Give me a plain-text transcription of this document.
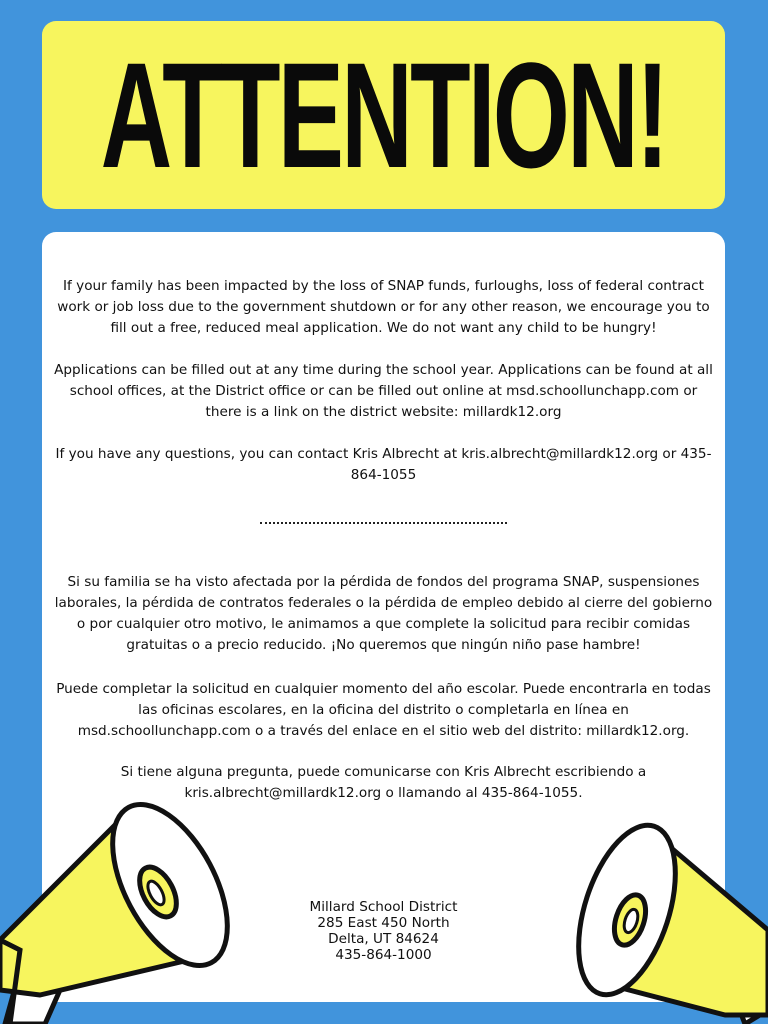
ATTENTION!

If your family has been impacted by the loss of SNAP funds, furloughs, loss of federal contract work or job loss due to the government shutdown or for any other reason, we encourage you to fill out a free, reduced meal application. We do not want any child to be hungry!

Applications can be filled out at any time during the school year. Applications can be found at all school offices, at the District office or can be filled out online at msd.schoollunchapp.com or there is a link on the district website: millardk12.org

If you have any questions, you can contact Kris Albrecht at kris.albrecht@millardk12.org or 435-864-1055

Si su familia se ha visto afectada por la pérdida de fondos del programa SNAP, suspensiones laborales, la pérdida de contratos federales o la pérdida de empleo debido al cierre del gobierno o por cualquier otro motivo, le animamos a que complete la solicitud para recibir comidas gratuitas o a precio reducido. ¡No queremos que ningún niño pase hambre!

Puede completar la solicitud en cualquier momento del año escolar. Puede encontrarla en todas las oficinas escolares, en la oficina del distrito o completarla en línea en msd.schoollunchapp.com o a través del enlace en el sitio web del distrito: millardk12.org.

Si tiene alguna pregunta, puede comunicarse con Kris Albrecht escribiendo a kris.albrecht@millardk12.org o llamando al 435-864-1055.

Millard School District
285 East 450 North
Delta, UT 84624
435-864-1000
